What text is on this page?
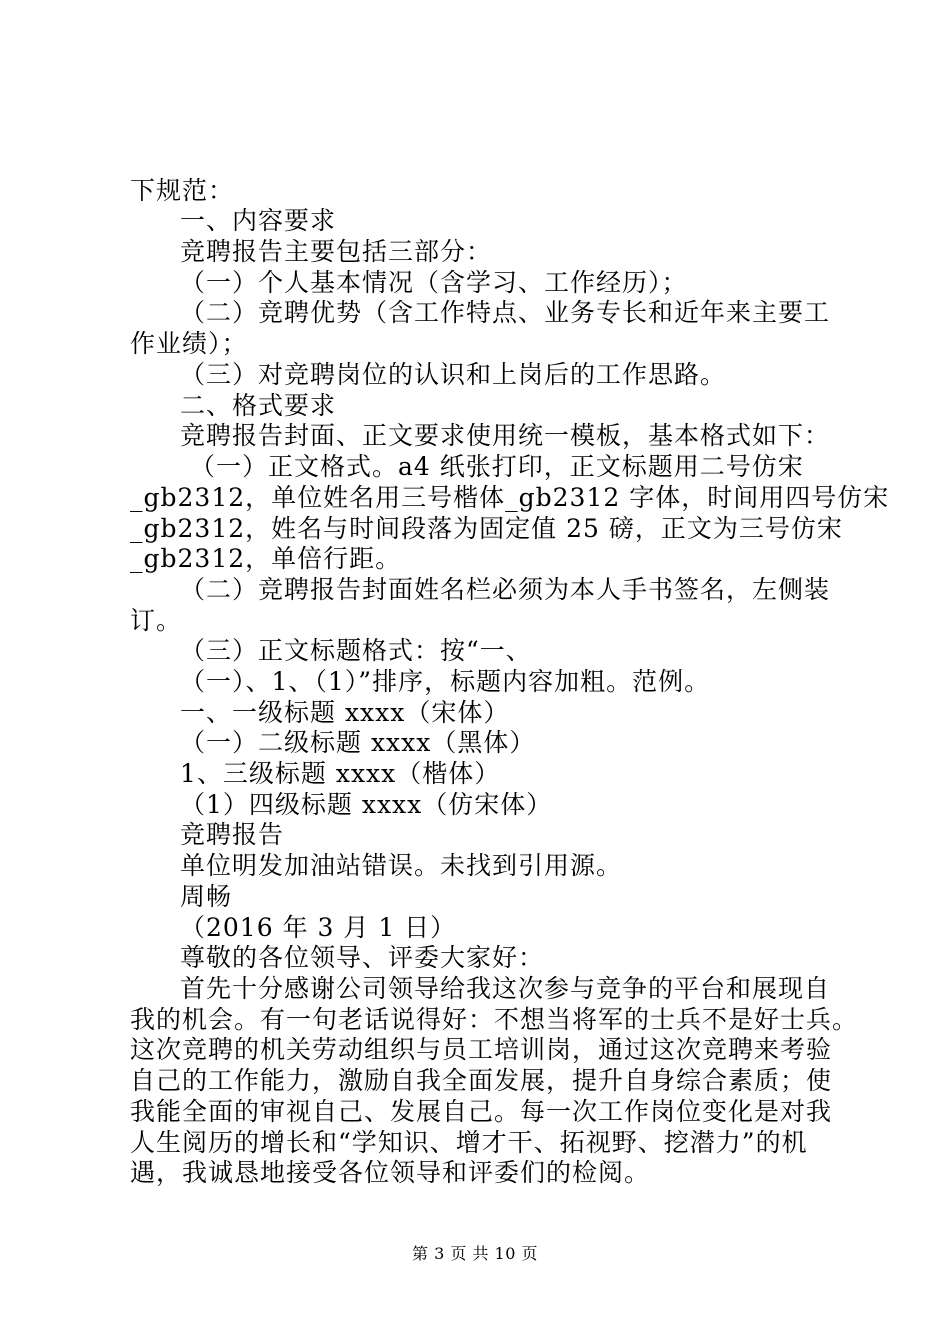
下规范：
一、内容要求
竞聘报告主要包括三部分：
（一）个人基本情况（含学习、工作经历）；
（二）竞聘优势（含工作特点、业务专长和近年来主要工
作业绩）；
（三）对竞聘岗位的认识和上岗后的工作思路。
二、格式要求
竞聘报告封面、正文要求使用统一模板，基本格式如下：
（一）正文格式。a4 纸张打印，正文标题用二号仿宋
_gb2312，单位姓名用三号楷体_gb2312 字体，时间用四号仿宋
_gb2312，姓名与时间段落为固定值 25 磅，正文为三号仿宋
_gb2312，单倍行距。
（二）竞聘报告封面姓名栏必须为本人手书签名，左侧装
订。
（三）正文标题格式：按“一、
（一）、1、（1）”排序，标题内容加粗。范例。
一、一级标题 xxxx（宋体）
（一）二级标题 xxxx（黑体）
1、三级标题 xxxx（楷体）
（1）四级标题 xxxx（仿宋体）
竞聘报告
单位明发加油站错误。未找到引用源。
周畅
（2016 年 3 月 1 日）
尊敬的各位领导、评委大家好：
首先十分感谢公司领导给我这次参与竞争的平台和展现自
我的机会。有一句老话说得好：不想当将军的士兵不是好士兵。
这次竞聘的机关劳动组织与员工培训岗，通过这次竞聘来考验
自己的工作能力，激励自我全面发展，提升自身综合素质；使
我能全面的审视自己、发展自己。每一次工作岗位变化是对我
人生阅历的增长和“学知识、增才干、拓视野、挖潜力”的机
遇，我诚恳地接受各位领导和评委们的检阅。
第 3 页 共 10 页
